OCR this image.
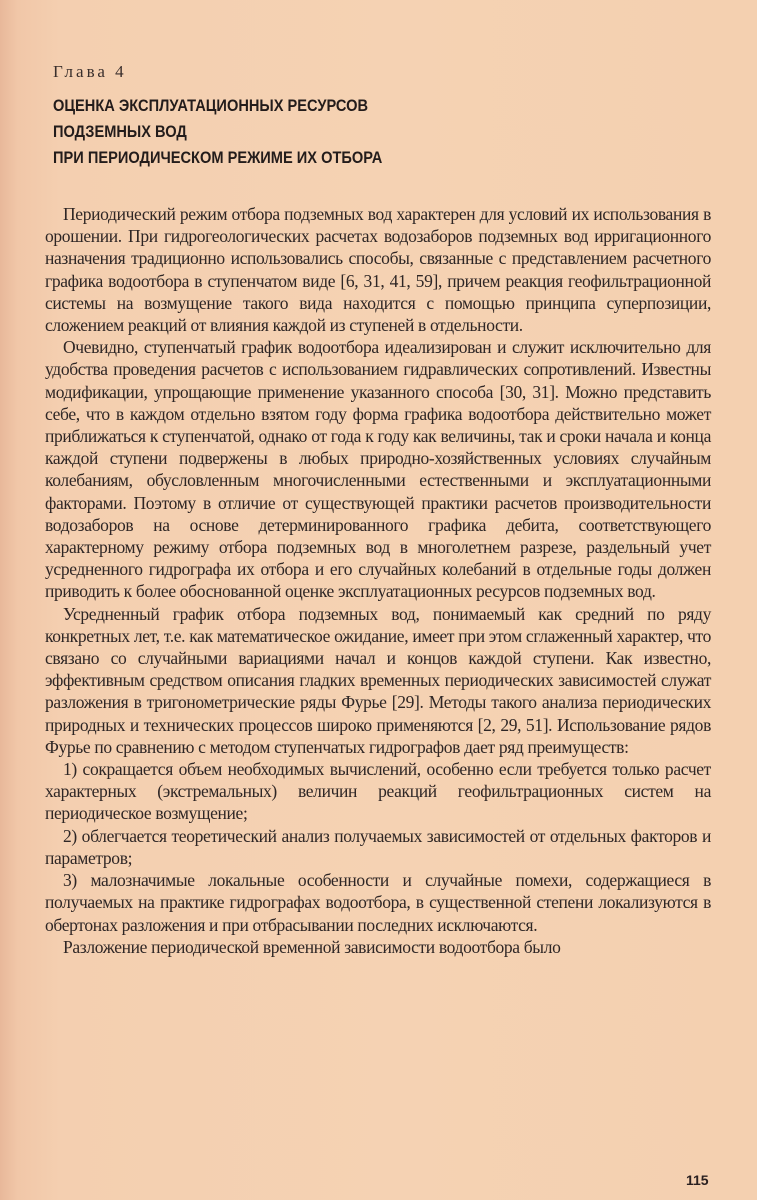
Глава 4
ОЦЕНКА ЭКСПЛУАТАЦИОННЫХ РЕСУРСОВ
ПОДЗЕМНЫХ ВОД
ПРИ ПЕРИОДИЧЕСКОМ РЕЖИМЕ ИХ ОТБОРА

Периодический режим отбора подземных вод характерен для условий их использования в орошении. При гидрогеологических расчетах водозаборов подземных вод ирригационного назначения традиционно использовались способы, связанные с представлением расчетного графика водоотбора в ступенчатом виде [6, 31, 41, 59], причем реакция геофильтрационной системы на возмущение такого вида находится с помощью принципа суперпозиции, сложением реакций от влияния каждой из ступеней в отдельности.

Очевидно, ступенчатый график водоотбора идеализирован и служит исключительно для удобства проведения расчетов с использованием гидравлических сопротивлений. Известны модификации, упрощающие применение указанного способа [30, 31]. Можно представить себе, что в каждом отдельно взятом году форма графика водоотбора действительно может приближаться к ступенчатой, однако от года к году как величины, так и сроки начала и конца каждой ступени подвержены в любых природно-хозяйственных условиях случайным колебаниям, обусловленным многочисленными естественными и эксплуатационными факторами. Поэтому в отличие от существующей практики расчетов производительности водозаборов на основе детерминированного графика дебита, соответствующего характерному режиму отбора подземных вод в многолетнем разрезе, раздельный учет усредненного гидрографа их отбора и его случайных колебаний в отдельные годы должен приводить к более обоснованной оценке эксплуатационных ресурсов подземных вод.

Усредненный график отбора подземных вод, понимаемый как средний по ряду конкретных лет, т.е. как математическое ожидание, имеет при этом сглаженный характер, что связано со случайными вариациями начал и концов каждой ступени. Как известно, эффективным средством описания гладких временных периодических зависимостей служат разложения в тригонометрические ряды Фурье [29]. Методы такого анализа периодических природных и технических процессов широко применяются [2, 29, 51]. Использование рядов Фурье по сравнению с методом ступенчатых гидрографов дает ряд преимуществ:

1) сокращается объем необходимых вычислений, особенно если требуется только расчет характерных (экстремальных) величин реакций геофильтрационных систем на периодическое возмущение;

2) облегчается теоретический анализ получаемых зависимостей от отдельных факторов и параметров;

3) малозначимые локальные особенности и случайные помехи, содержащиеся в получаемых на практике гидрографах водоотбора, в существенной степени локализуются в обертонах разложения и при отбрасывании последних исключаются.

Разложение периодической временной зависимости водоотбора было

115
